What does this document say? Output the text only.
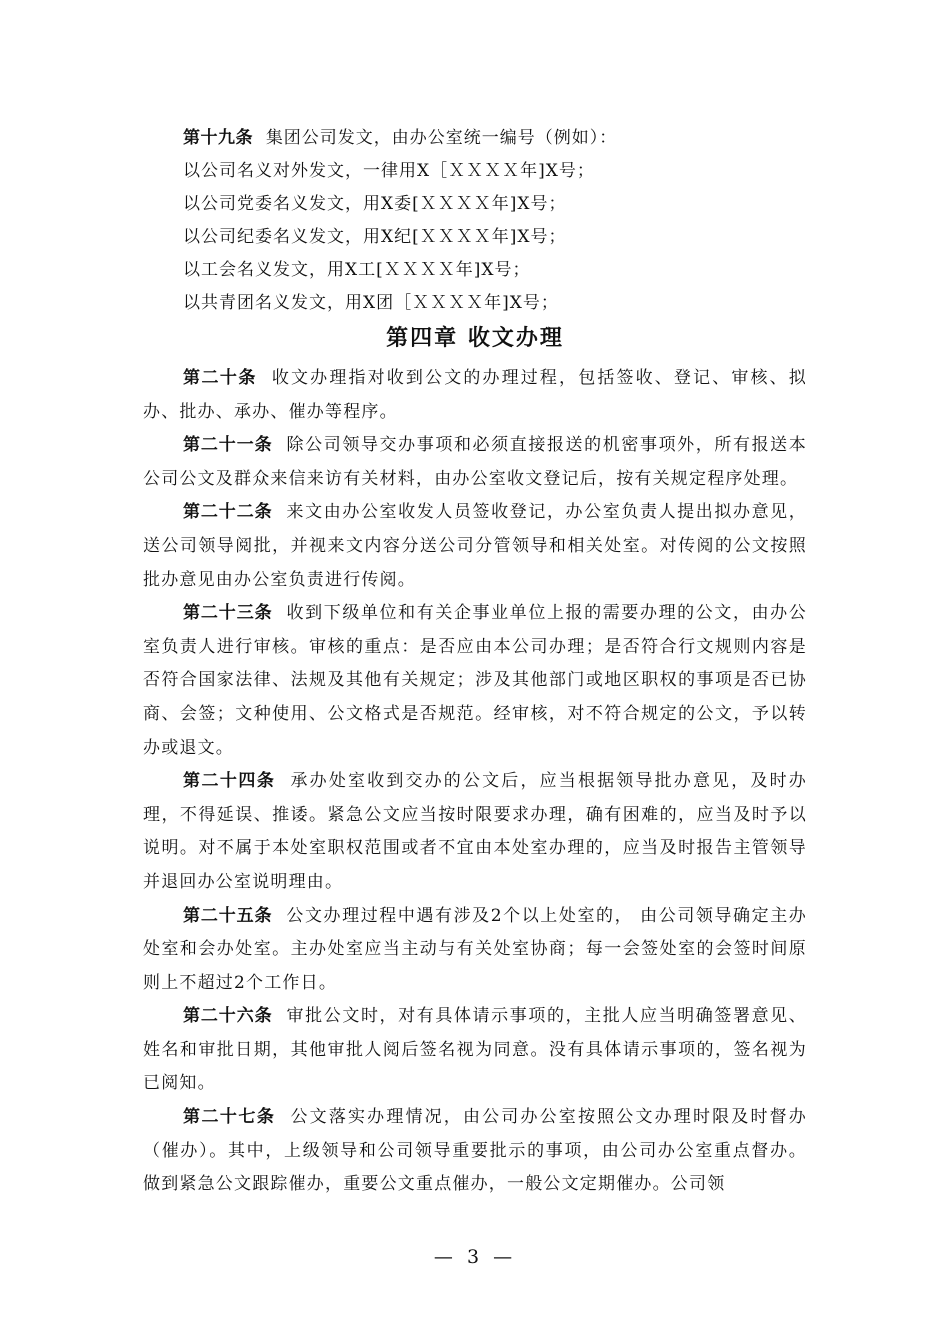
第十九条 集团公司发文，由办公室统一编号（例如）：
以公司名义对外发文，一律用X［ＸＸＸＸ年]X号；
以公司党委名义发文，用X委[ＸＸＸＸ年]X号；
以公司纪委名义发文，用X纪[ＸＸＸＸ年]X号；
以工会名义发文，用X工[ＸＸＸＸ年]X号；
以共青团名义发文，用X团［ＸＸＸＸ年]X号；
第四章 收文办理

第二十条 收文办理指对收到公文的办理过程，包括签收、登记、审核、拟办、批办、承办、催办等程序。

第二十一条 除公司领导交办事项和必须直接报送的机密事项外，所有报送本公司公文及群众来信来访有关材料，由办公室收文登记后，按有关规定程序处理。

第二十二条 来文由办公室收发人员签收登记，办公室负责人提出拟办意见，送公司领导阅批，并视来文内容分送公司分管领导和相关处室。对传阅的公文按照批办意见由办公室负责进行传阅。

第二十三条 收到下级单位和有关企事业单位上报的需要办理的公文，由办公室负责人进行审核。审核的重点：是否应由本公司办理；是否符合行文规则内容是否符合国家法律、法规及其他有关规定；涉及其他部门或地区职权的事项是否已协商、会签；文种使用、公文格式是否规范。经审核，对不符合规定的公文，予以转办或退文。

第二十四条 承办处室收到交办的公文后，应当根据领导批办意见，及时办理，不得延误、推诿。紧急公文应当按时限要求办理，确有困难的，应当及时予以说明。对不属于本处室职权范围或者不宜由本处室办理的，应当及时报告主管领导并退回办公室说明理由。

第二十五条 公文办理过程中遇有涉及2个以上处室的， 由公司领导确定主办处室和会办处室。主办处室应当主动与有关处室协商；每一会签处室的会签时间原则上不超过2个工作日。

第二十六条 审批公文时，对有具体请示事项的，主批人应当明确签署意见、姓名和审批日期，其他审批人阅后签名视为同意。没有具体请示事项的，签名视为已阅知。

第二十七条 公文落实办理情况，由公司办公室按照公文办理时限及时督办（催办）。其中，上级领导和公司领导重要批示的事项，由公司办公室重点督办。做到紧急公文跟踪催办，重要公文重点催办，一般公文定期催办。公司领

— 3 —
